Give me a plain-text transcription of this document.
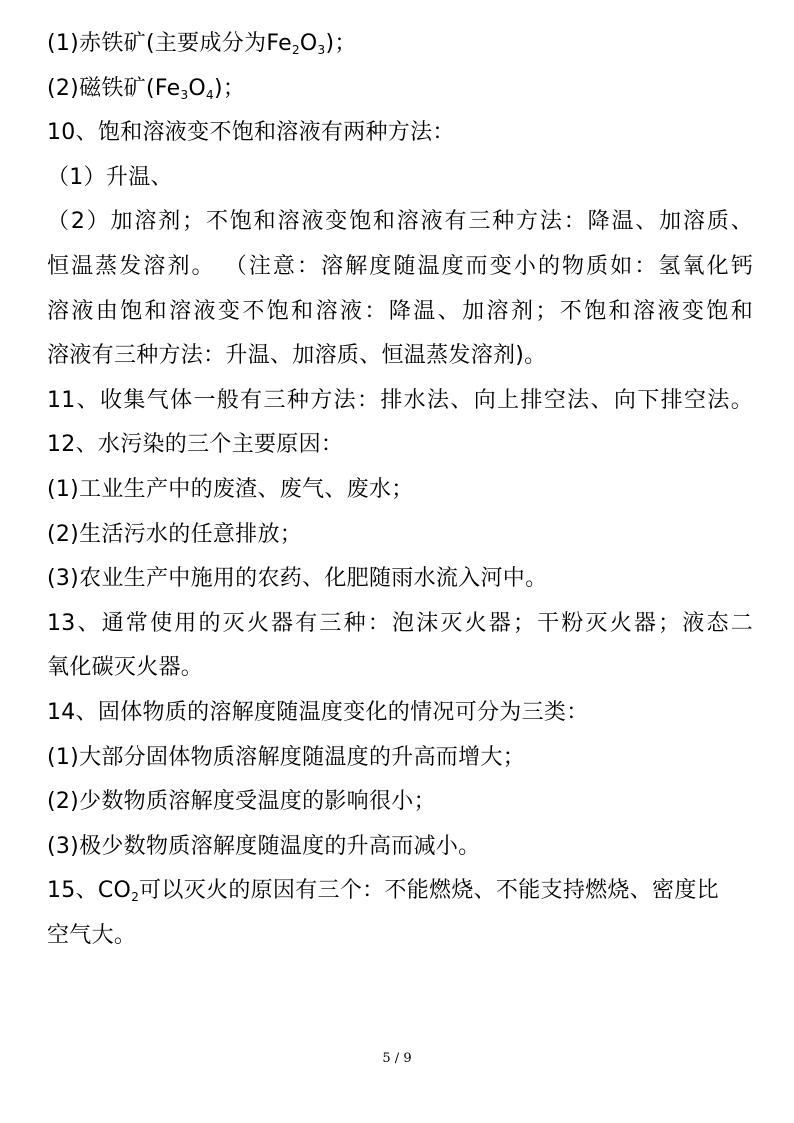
(1)赤铁矿(主要成分为$Fe_2O_3$)；
(2)磁铁矿$(Fe_3O_4)$；
10、饱和溶液变不饱和溶液有两种方法：
（1）升温、
（2）加溶剂；不饱和溶液变饱和溶液有三种方法：降温、加溶质、
恒温蒸发溶剂。 （注意：溶解度随温度而变小的物质如：氢氧化钙
溶液由饱和溶液变不饱和溶液：降温、加溶剂；不饱和溶液变饱和
溶液有三种方法：升温、加溶质、恒温蒸发溶剂)。
11、收集气体一般有三种方法：排水法、向上排空法、向下排空法。
12、水污染的三个主要原因：
(1)工业生产中的废渣、废气、废水；
(2)生活污水的任意排放；
(3)农业生产中施用的农药、化肥随雨水流入河中。
13、通常使用的灭火器有三种：泡沫灭火器；干粉灭火器；液态二
氧化碳灭火器。
14、固体物质的溶解度随温度变化的情况可分为三类：
(1)大部分固体物质溶解度随温度的升高而增大；
(2)少数物质溶解度受温度的影响很小；
(3)极少数物质溶解度随温度的升高而减小。
15、$CO_2$可以灭火的原因有三个：不能燃烧、不能支持燃烧、密度比
空气大。
5 / 9
